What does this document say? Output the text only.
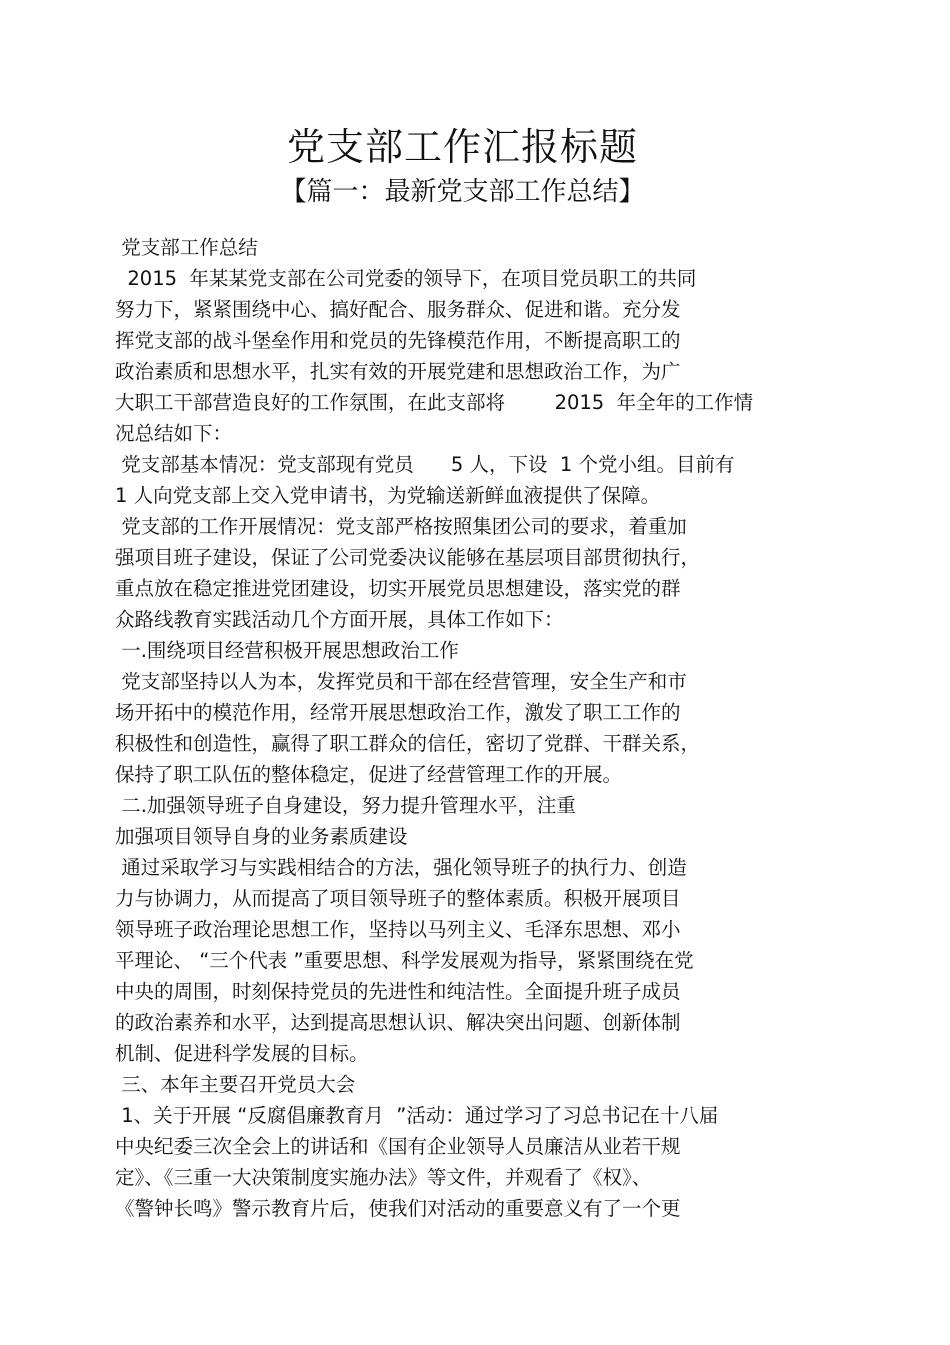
党支部工作汇报标题
【篇一：最新党支部工作总结】
党支部工作总结
2015  年某某党支部在公司党委的领导下，在项目党员职工的共同
努力下，紧紧围绕中心、搞好配合、服务群众、促进和谐。充分发
挥党支部的战斗堡垒作用和党员的先锋模范作用，不断提高职工的
政治素质和思想水平，扎实有效的开展党建和思想政治工作，为广
大职工干部营造良好的工作氛围，在此支部将        2015  年全年的工作情
况总结如下：
党支部基本情况：党支部现有党员      5 人，下设  1 个党小组。目前有
1 人向党支部上交入党申请书，为党输送新鲜血液提供了保障。
党支部的工作开展情况：党支部严格按照集团公司的要求，着重加
强项目班子建设，保证了公司党委决议能够在基层项目部贯彻执行，
重点放在稳定推进党团建设，切实开展党员思想建设，落实党的群
众路线教育实践活动几个方面开展，具体工作如下：
一.围绕项目经营积极开展思想政治工作
党支部坚持以人为本，发挥党员和干部在经营管理，安全生产和市
场开拓中的模范作用，经常开展思想政治工作，激发了职工工作的
积极性和创造性，赢得了职工群众的信任，密切了党群、干群关系，
保持了职工队伍的整体稳定，促进了经营管理工作的开展。
二.加强领导班子自身建设，努力提升管理水平，注重
加强项目领导自身的业务素质建设
通过采取学习与实践相结合的方法，强化领导班子的执行力、创造
力与协调力，从而提高了项目领导班子的整体素质。积极开展项目
领导班子政治理论思想工作，坚持以马列主义、毛泽东思想、邓小
平理论、 “三个代表 ”重要思想、科学发展观为指导，紧紧围绕在党
中央的周围，时刻保持党员的先进性和纯洁性。全面提升班子成员
的政治素养和水平，达到提高思想认识、解决突出问题、创新体制
机制、促进科学发展的目标。
三、本年主要召开党员大会
1、关于开展 “反腐倡廉教育月  ”活动：通过学习了习总书记在十八届
中央纪委三次全会上的讲话和《国有企业领导人员廉洁从业若干规
定》、《三重一大决策制度实施办法》等文件，并观看了《权》、
《警钟长鸣》警示教育片后，使我们对活动的重要意义有了一个更
